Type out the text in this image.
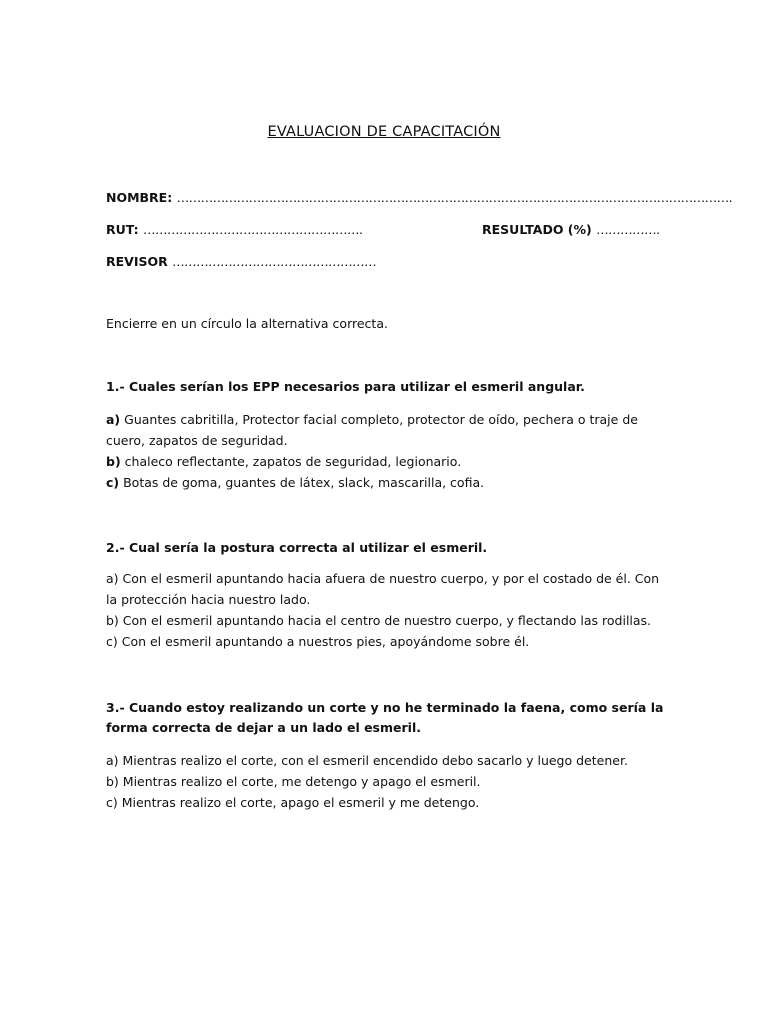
EVALUACION DE CAPACITACIÓN
NOMBRE: ………………………………………………………………………………………………………………………….
RUT: ……………………………………………….	RESULTADO (%) …………….
REVISOR ……………………………………………
Encierre en un círculo la alternativa correcta.
1.- Cuales serían los EPP necesarios para utilizar el esmeril angular.
a) Guantes cabritilla, Protector facial completo, protector de oído, pechera o traje de cuero, zapatos de seguridad.
b) chaleco reflectante, zapatos de seguridad, legionario.
c) Botas de goma, guantes de látex, slack, mascarilla, cofia.
2.- Cual sería la postura correcta al utilizar el esmeril.
a) Con el esmeril apuntando hacia afuera de nuestro cuerpo, y por el costado de él. Con la protección hacia nuestro lado.
b) Con el esmeril apuntando hacia el centro de nuestro cuerpo, y flectando las rodillas.
c) Con el esmeril apuntando a nuestros pies, apoyándome sobre él.
3.- Cuando estoy realizando un corte y no he terminado la faena, como sería la forma correcta de dejar a un lado el esmeril.
a) Mientras realizo el corte, con el esmeril encendido debo sacarlo y luego detener.
b) Mientras realizo el corte, me detengo y apago el esmeril.
c) Mientras realizo el corte, apago el esmeril y me detengo.
